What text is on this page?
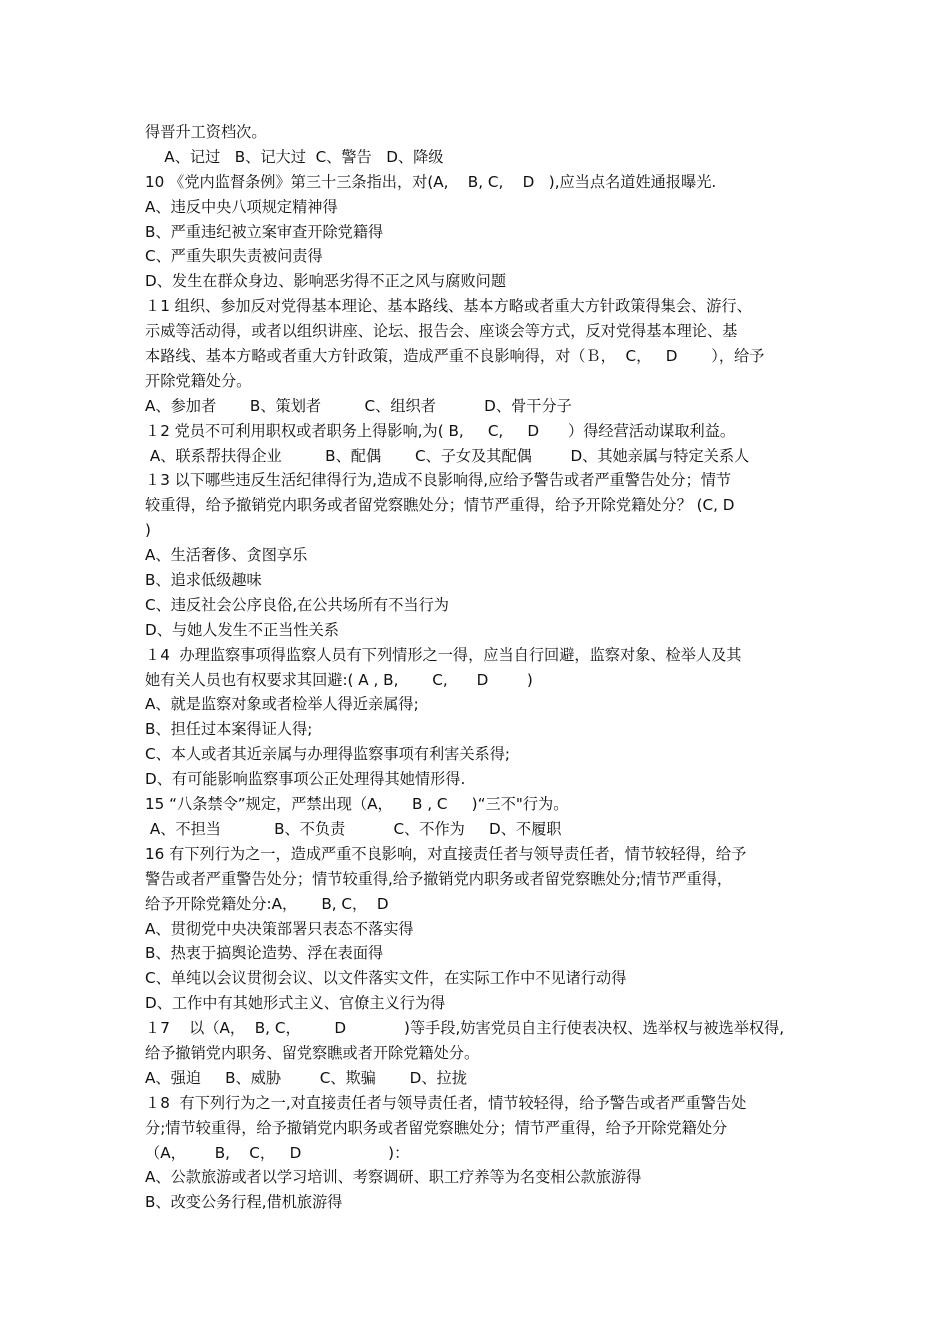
得晋升工资档次。
A、记过   B、记大过  C、警告   D、降级
10 《党内监督条例》第三十三条指出，对(A,    B, C,    D   ),应当点名道姓通报曝光.
A、违反中央八项规定精神得
B、严重违纪被立案审查开除党籍得
C、严重失职失责被问责得
D、发生在群众身边、影响恶劣得不正之风与腐败问题
１1 组织、参加反对党得基本理论、基本路线、基本方略或者重大方针政策得集会、游行、
示威等活动得，或者以组织讲座、论坛、报告会、座谈会等方式，反对党得基本理论、基
本路线、基本方略或者重大方针政策，造成严重不良影响得，对（Ｂ，  C，   D       ），给予
开除党籍处分。
A、参加者       B、策划者         C、组织者          D、骨干分子
１2 党员不可利用职权或者职务上得影响,为( B,     C,     D      ）得经营活动谋取利益。
A、联系帮扶得企业         B、配偶       C、子女及其配偶        D、其她亲属与特定关系人
１3 以下哪些违反生活纪律得行为,造成不良影响得,应给予警告或者严重警告处分；情节
较重得，给予撤销党内职务或者留党察瞧处分；情节严重得，给予开除党籍处分？ (C, D
)
A、生活奢侈、贪图享乐
B、追求低级趣味
C、违反社会公序良俗,在公共场所有不当行为
D、与她人发生不正当性关系
１4  办理监察事项得监察人员有下列情形之一得，应当自行回避，监察对象、检举人及其
她有关人员也有权要求其回避:( A , B,       C,      D        )
A、就是监察对象或者检举人得近亲属得;
B、担任过本案得证人得;
C、本人或者其近亲属与办理得监察事项有利害关系得;
D、有可能影响监察事项公正处理得其她情形得.
15 “八条禁令”规定，严禁出现（A，    B , C     )“三不"行为。
A、不担当           B、不负责          C、不作为     D、不履职
16 有下列行为之一，造成严重不良影响，对直接责任者与领导责任者，情节较轻得，给予
警告或者严重警告处分；情节较重得,给予撤销党内职务或者留党察瞧处分;情节严重得，
给予开除党籍处分:A，     B, C，  D
A、贯彻党中央决策部署只表态不落实得
B、热衷于搞舆论造势、浮在表面得
C、单纯以会议贯彻会议、以文件落实文件，在实际工作中不见诸行动得
D、工作中有其她形式主义、官僚主义行为得
１7    以（A，  B, C，       D            )等手段,妨害党员自主行使表决权、选举权与被选举权得,
给予撤销党内职务、留党察瞧或者开除党籍处分。
A、强迫     B、威胁        C、欺骗       D、拉拢
１8  有下列行为之一,对直接责任者与领导责任者，情节较轻得，给予警告或者严重警告处
分;情节较重得，给予撤销党内职务或者留党察瞧处分；情节严重得，给予开除党籍处分
（A，      B,    C，   D                  )：
A、公款旅游或者以学习培训、考察调研、职工疗养等为名变相公款旅游得
B、改变公务行程,借机旅游得
